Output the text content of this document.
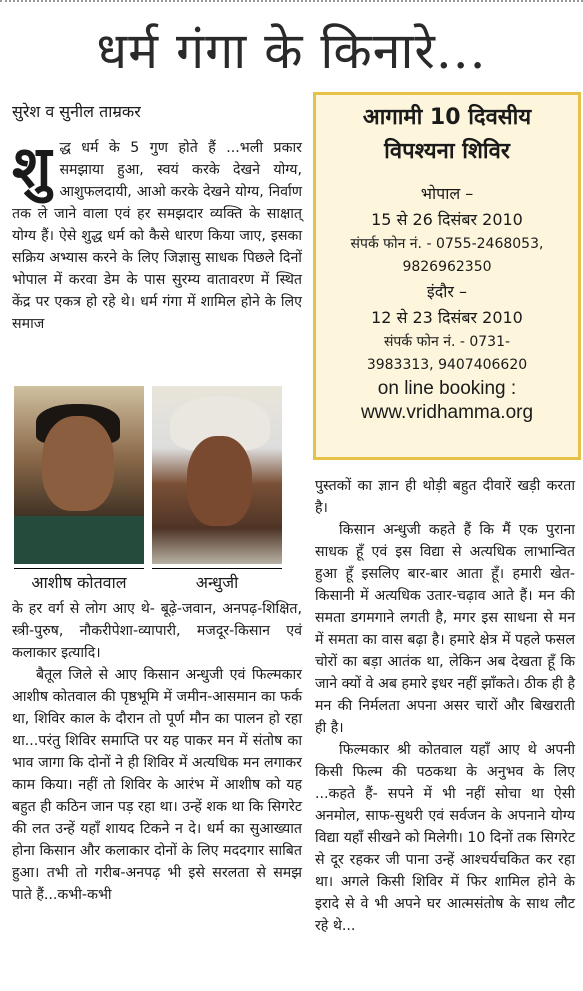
धर्म गंगा के किनारे...
सुरेश व सुनील ताम्रकर
शु द्ध धर्म के 5 गुण होते हैं ...भली प्रकार समझाया हुआ, स्वयं करके देखने योग्य, आशुफलदायी, आओ करके देखने योग्य, निर्वाण तक ले जाने वाला एवं हर समझदार व्यक्ति के साक्षात् योग्य हैं। ऐसे शुद्ध धर्म को कैसे धारण किया जाए, इसका सक्रिय अभ्यास करने के लिए जिज्ञासु साधक पिछले दिनों भोपाल में करवा डेम के पास सुरम्य वातावरण में स्थित केंद्र पर एकत्र हो रहे थे। धर्म गंगा में शामिल होने के लिए समाज
आशीष कोतवाल	अन्धुजी

के हर वर्ग से लोग आए थे- बूढ़े-जवान, अनपढ़-शिक्षित, स्त्री-पुरुष, नौकरीपेशा-व्यापारी, मजदूर-किसान एवं कलाकार इत्यादि।

बैतूल जिले से आए किसान अन्धुजी एवं फिल्मकार आशीष कोतवाल की पृष्ठभूमि में जमीन-आसमान का फर्क था, शिविर काल के दौरान तो पूर्ण मौन का पालन हो रहा था...परंतु शिविर समाप्ति पर यह पाकर मन में संतोष का भाव जागा कि दोनों ने ही शिविर में अत्यधिक मन लगाकर काम किया। नहीं तो शिविर के आरंभ में आशीष को यह बहुत ही कठिन जान पड़ रहा था। उन्हें शक था कि सिगरेट की लत उन्हें यहाँ शायद टिकने न दे। धर्म का सुआख्यात होना किसान और कलाकार दोनों के लिए मददगार साबित हुआ। तभी तो गरीब-अनपढ़ भी इसे सरलता से समझ पाते हैं...कभी-कभी

आगामी 10 दिवसीय
विपश्यना शिविर
भोपाल –
15 से 26 दिसंबर 2010
संपर्क फोन नं. - 0755-2468053,
9826962350
इंदौर –
12 से 23 दिसंबर 2010
संपर्क फोन नं. - 0731-
3983313, 9407406620
on line booking :
www.vridhamma.org

पुस्तकों का ज्ञान ही थोड़ी बहुत दीवारें खड़ी करता है।

किसान अन्धुजी कहते हैं कि मैं एक पुराना साधक हूँ एवं इस विद्या से अत्यधिक लाभान्वित हुआ हूँ इसलिए बार-बार आता हूँ। हमारी खेत-किसानी में अत्यधिक उतार-चढ़ाव आते हैं। मन की समता डगमगाने लगती है, मगर इस साधना से मन में समता का वास बढ़ा है। हमारे क्षेत्र में पहले फसल चोरों का बड़ा आतंक था, लेकिन अब देखता हूँ कि जाने क्यों वे अब हमारे इधर नहीं झाँकते। ठीक ही है मन की निर्मलता अपना असर चारों और बिखराती ही है।

फिल्मकार श्री कोतवाल यहाँ आए थे अपनी किसी फिल्म की पठकथा के अनुभव के लिए ...कहते हैं- सपने में भी नहीं सोचा था ऐसी अनमोल, साफ-सुथरी एवं सर्वजन के अपनाने योग्य विद्या यहाँ सीखने को मिलेगी। 10 दिनों तक सिगरेट से दूर रहकर जी पाना उन्हें आश्चर्यचकित कर रहा था। अगले किसी शिविर में फिर शामिल होने के इरादे से वे भी अपने घर आत्मसंतोष के साथ लौट रहे थे...
